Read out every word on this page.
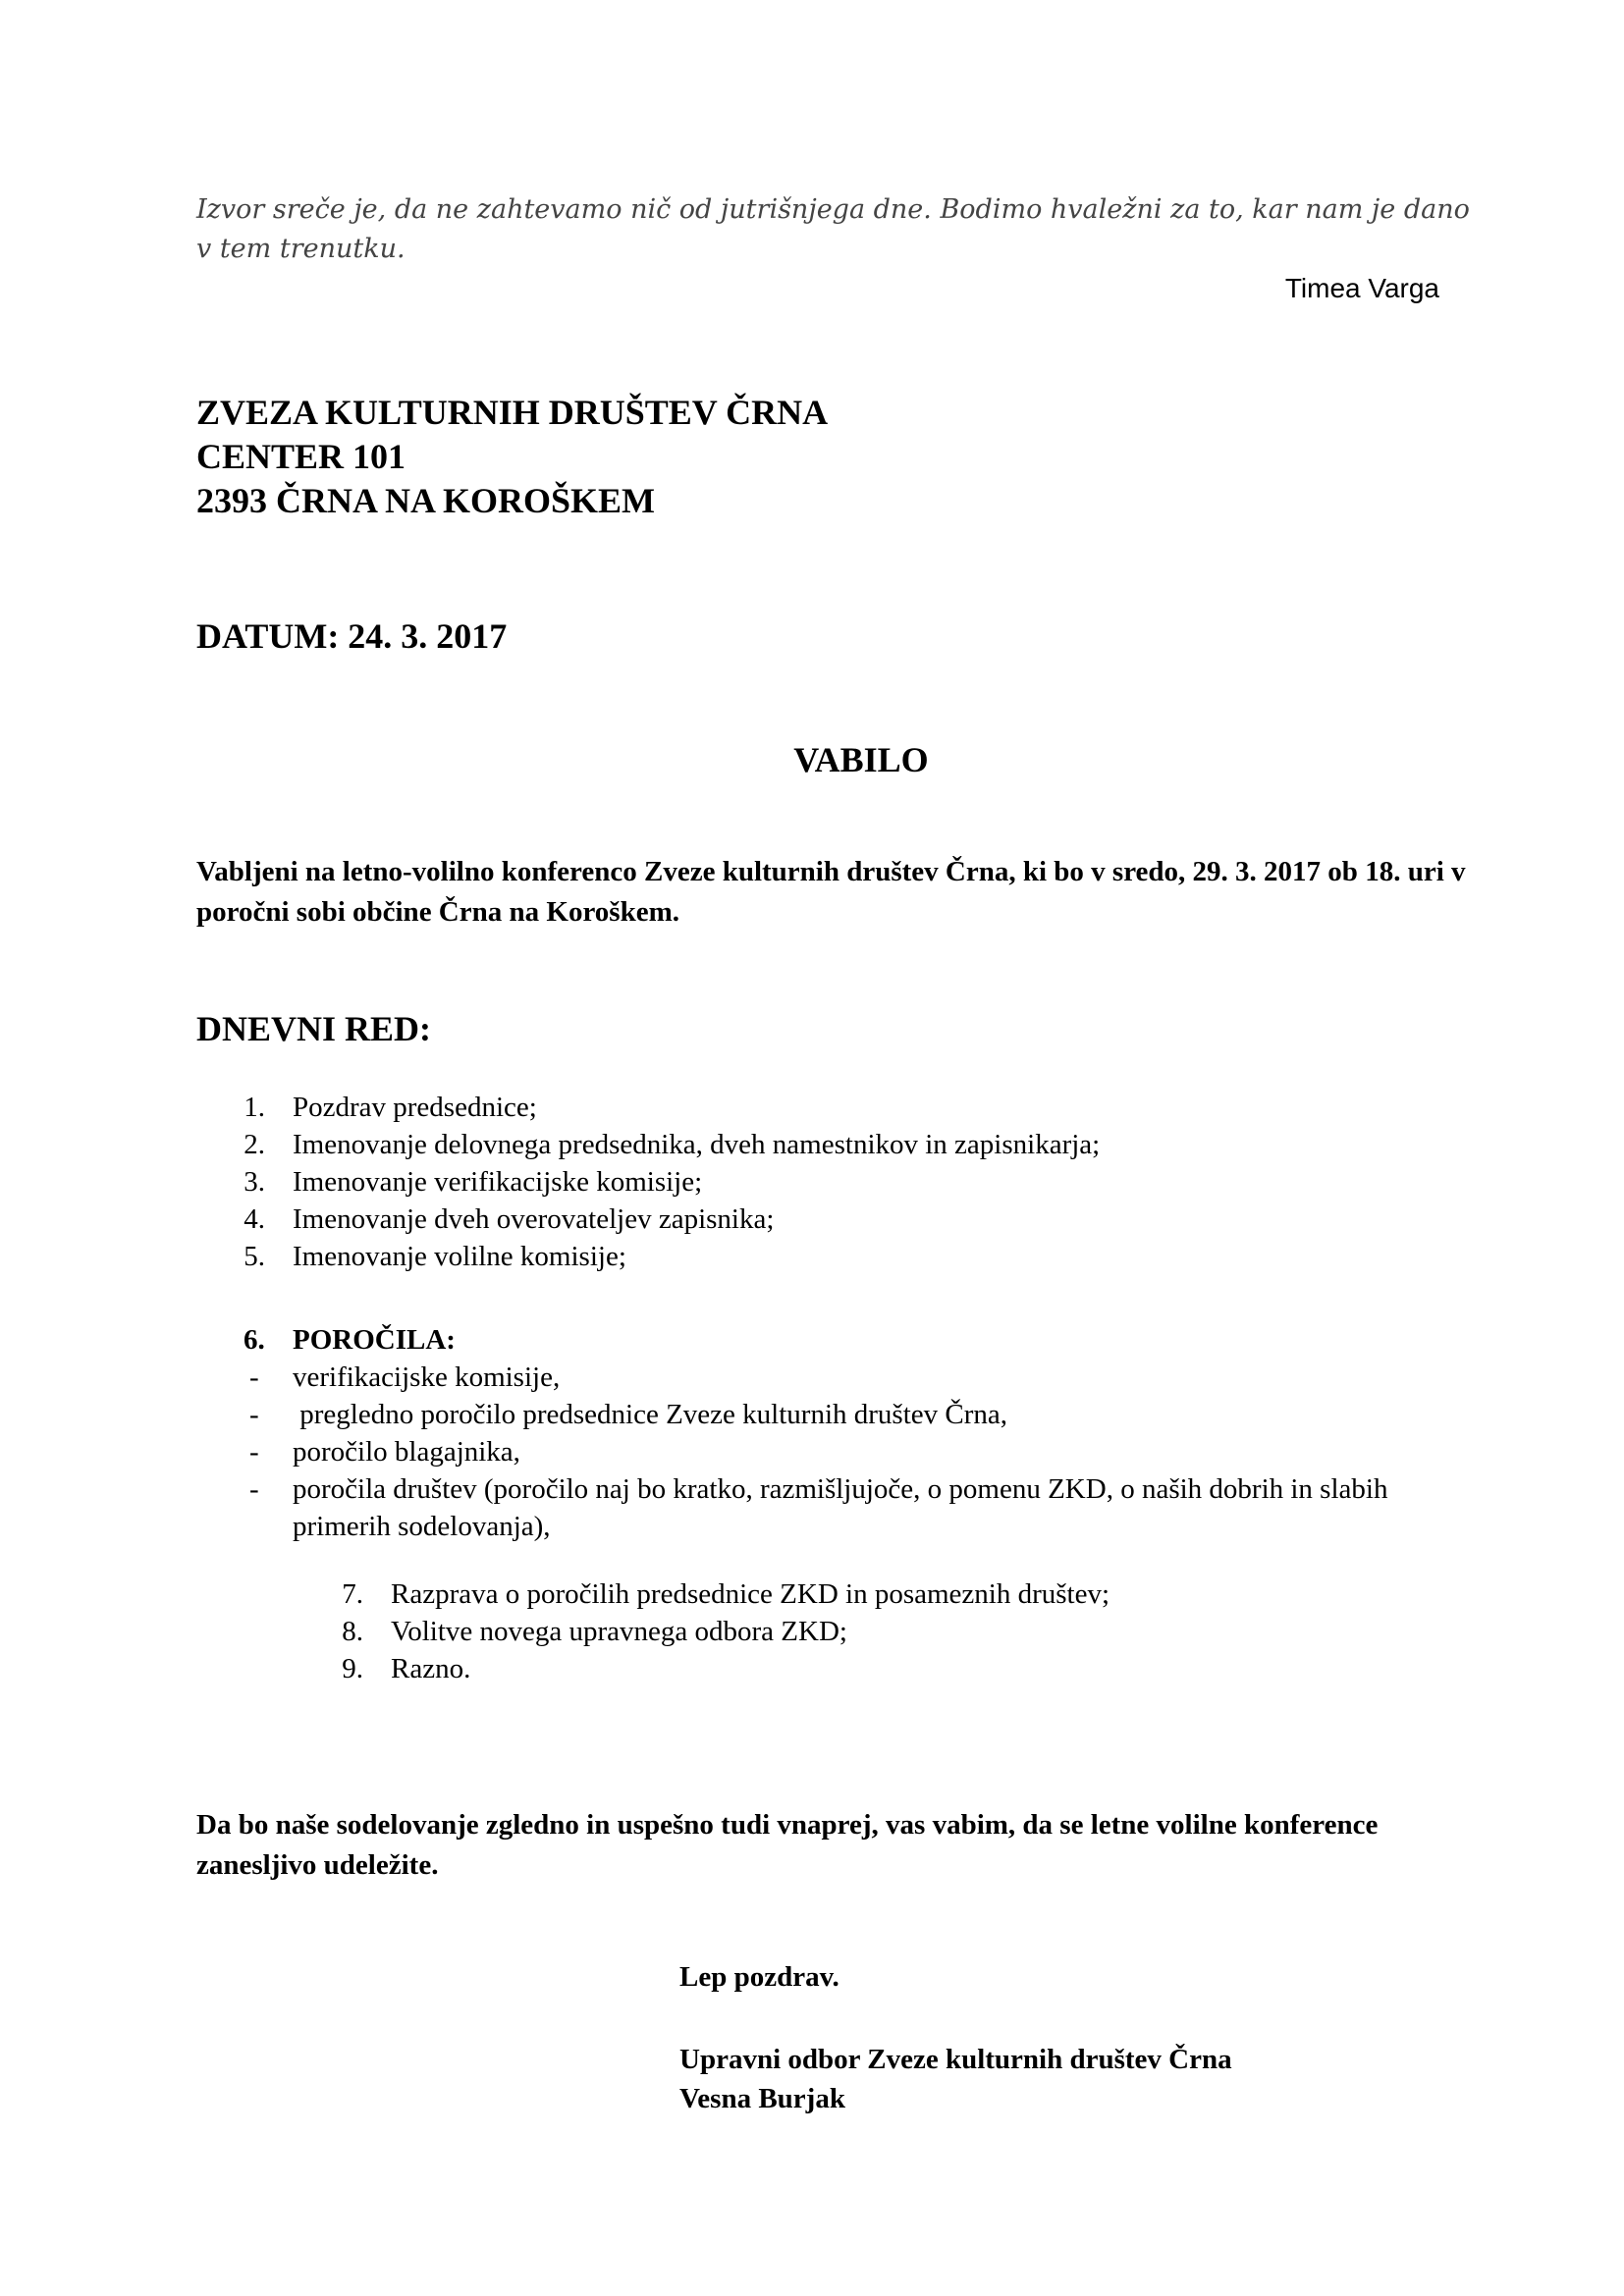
Izvor sreče je, da ne zahtevamo nič od jutrišnjega dne. Bodimo hvaležni za to, kar nam je dano v tem trenutku.
Timea Varga
ZVEZA KULTURNIH DRUŠTEV ČRNA
CENTER 101
2393 ČRNA NA KOROŠKEM
DATUM: 24. 3. 2017
VABILO
Vabljeni na letno-volilno konferenco Zveze kulturnih društev Črna, ki bo v sredo, 29. 3. 2017 ob 18. uri v poročni sobi občine Črna na Koroškem.
DNEVNI RED:
1. Pozdrav predsednice;
2. Imenovanje delovnega predsednika, dveh namestnikov in zapisnikarja;
3. Imenovanje verifikacijske komisije;
4. Imenovanje dveh overovateljev zapisnika;
5. Imenovanje volilne komisije;
6. POROČILA:
- verifikacijske komisije,
- pregledno poročilo predsednice Zveze kulturnih društev Črna,
- poročilo blagajnika,
- poročila društev (poročilo naj bo kratko, razmišljujoče, o pomenu ZKD, o naših dobrih in slabih primerih sodelovanja),
7. Razprava o poročilih predsednice ZKD in posameznih društev;
8. Volitve novega upravnega odbora ZKD;
9. Razno.
Da bo naše sodelovanje zgledno in uspešno tudi vnaprej, vas vabim, da se letne volilne konference zanesljivo udeležite.
Lep pozdrav.
Upravni odbor Zveze kulturnih društev Črna
Vesna Burjak
